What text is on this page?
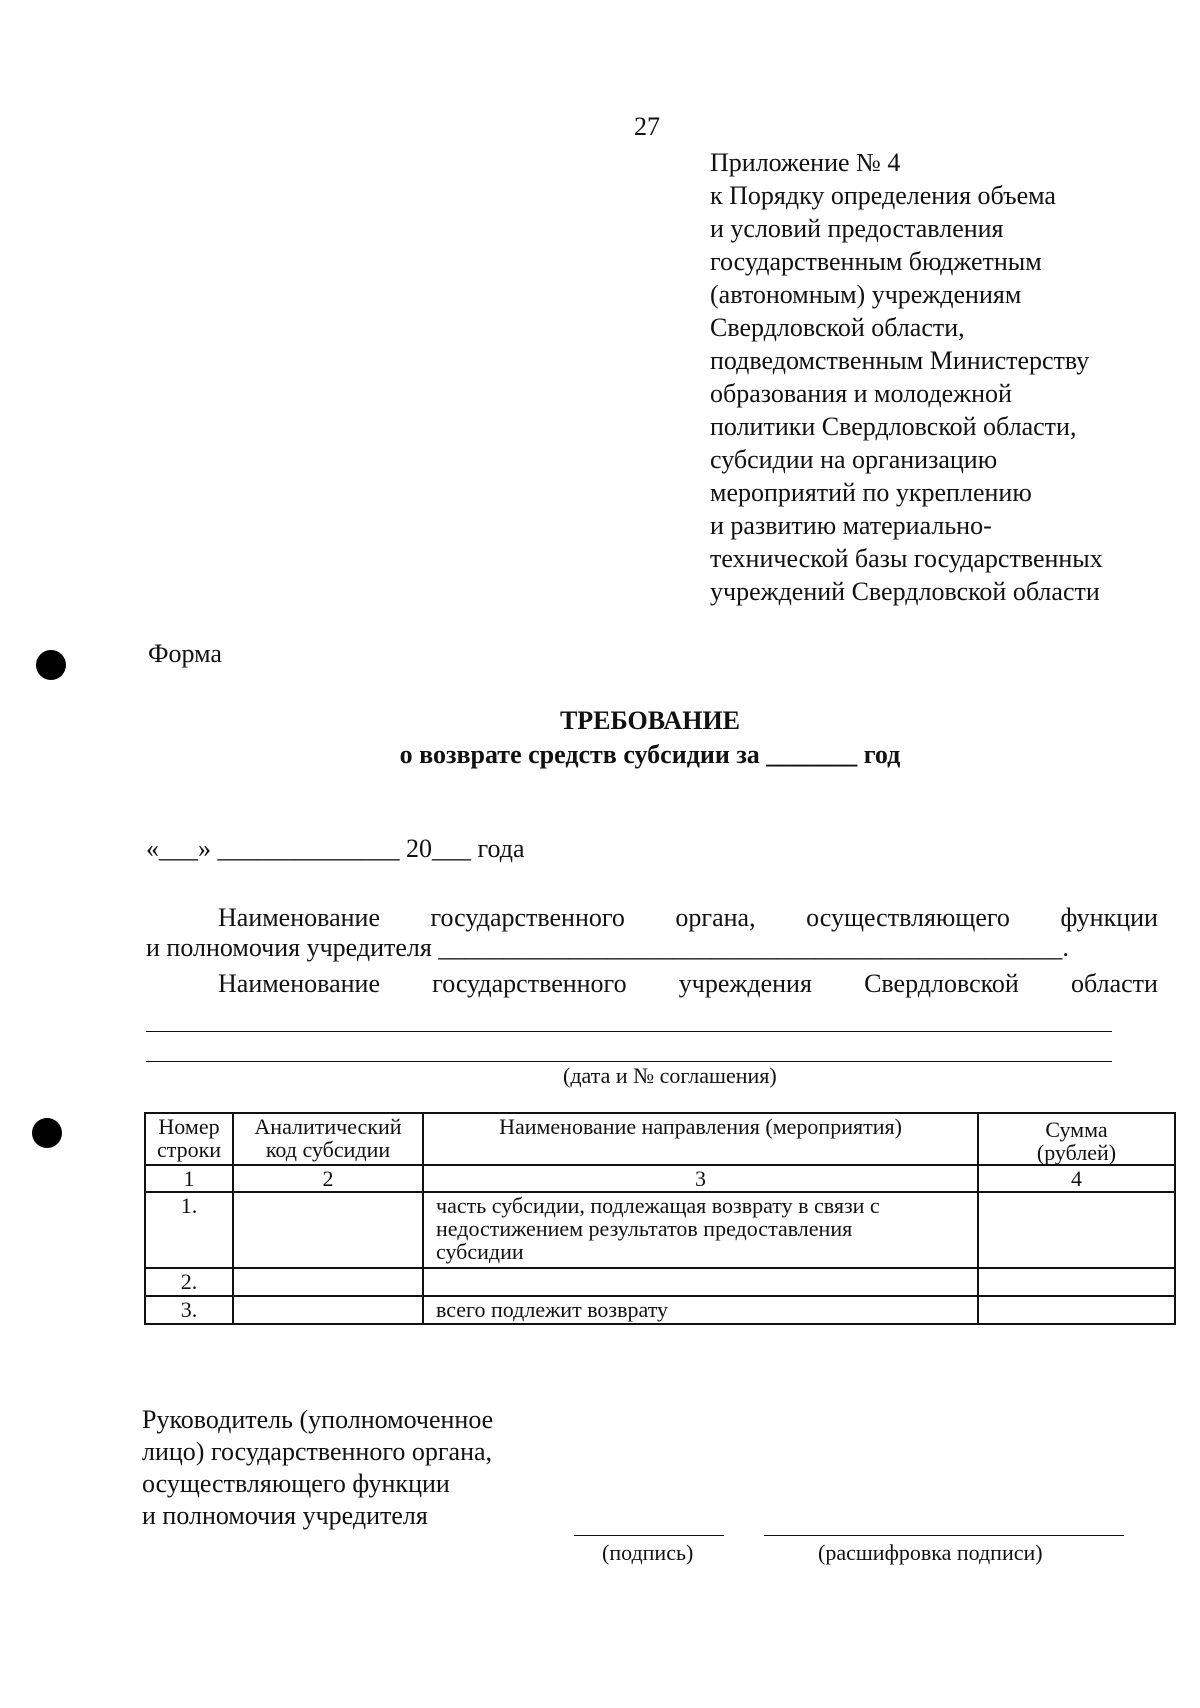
27
Приложение № 4
к Порядку определения объема
и условий предоставления
государственным бюджетным
(автономным) учреждениям
Свердловской области,
подведомственным Министерству
образования и молодежной
политики Свердловской области,
субсидии на организацию
мероприятий по укреплению
и развитию материально-
технической базы государственных
учреждений Свердловской области
Форма
ТРЕБОВАНИЕ
о возврате средств субсидии за _______ год
«___» ______________ 20___ года
Наименование государственного органа, осуществляющего функции
и полномочия учредителя ________________________________________________.
Наименование государственного учреждения Свердловской области
(дата и № соглашения)
Номер строки	Аналитический код субсидии	Наименование направления (мероприятия)	Сумма (рублей)
1	2	3	4
1.		часть субсидии, подлежащая возврату в связи с недостижением результатов предоставления субсидии	
2.			
3.		всего подлежит возврату	
Руководитель (уполномоченное
лицо) государственного органа,
осуществляющего функции
и полномочия учредителя
(подпись)	(расшифровка подписи)
